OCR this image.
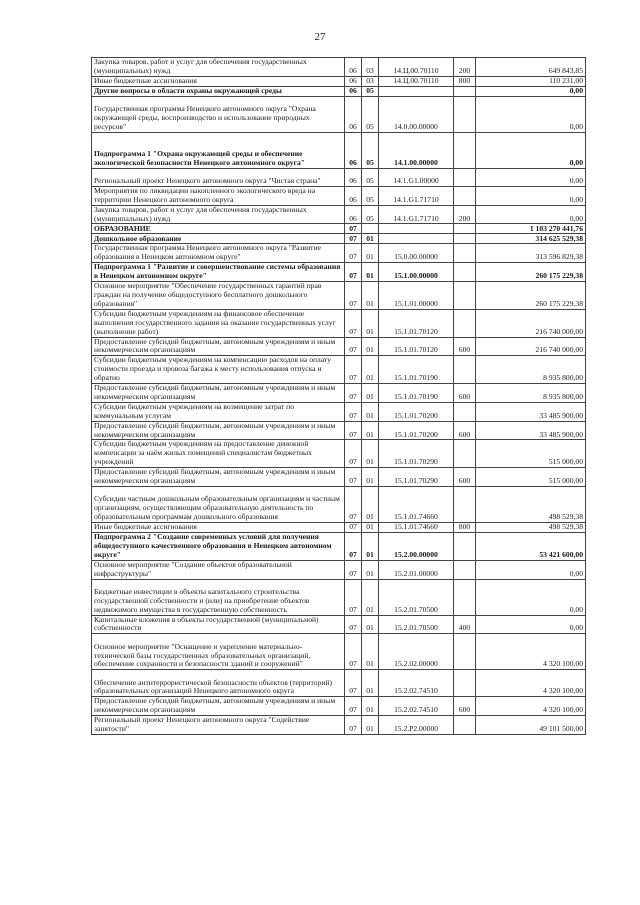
27
Закупка товаров, работ и услуг для обеспечения государственных (муниципальных) нужд	06	03	14.Ц.00.70110	200	649 843,85
Иные бюджетные ассигнования	06	03	14.Ц.00.70110	800	110 231,00
Другие вопросы в области охраны окружающей среды	06	05			0,00
Государственная программа Ненецкого автономного округа "Охрана окружающей среды, воспроизводство и использование природных ресурсов"	06	05	14.0.00.00000		0,00
Подпрограмма 1 "Охрана окружающей среды и обеспечение экологической безопасности Ненецкого автономного округа"	06	05	14.1.00.00000		0,00
Региональный проект Ненецкого автономного округа "Чистая страна"	06	05	14.1.G1.00000		0,00
Мероприятия по ликвидации накопленного экологического вреда на территории Ненецкого автономного округа	06	05	14.1.G1.71710		0,00
Закупка товаров, работ и услуг для обеспечения государственных (муниципальных) нужд	06	05	14.1.G1.71710	200	0,00
ОБРАЗОВАНИЕ	07				1 103 270 441,76
Дошкольное образование	07	01			314 625 529,38
Государственная программа Ненецкого автономного округа "Развитие образования в Ненецком автономном округе"	07	01	15.0.00.00000		313 596 829,38
Подпрограмма 1 "Развитие и совершенствование системы образования в Ненецком автономном округе"	07	01	15.1.00.00000		260 175 229,38
Основное мероприятие "Обеспечение государственных гарантий прав граждан на получение общедоступного бесплатного дошкольного образования"	07	01	15.1.01.00000		260 175 229,38
Субсидии бюджетным учреждениям на финансовое обеспечение выполнения государственного задания на оказание государственных услуг (выполнение работ)	07	01	15.1.01.70120		216 740 000,00
Предоставление субсидий бюджетным, автономным учреждениям и иным некоммерческим организациям	07	01	15.1.01.70120	600	216 740 000,00
Субсидии бюджетным учреждениям на компенсацию расходов на оплату стоимости проезда и провоза багажа к месту использования отпуска и обратно	07	01	15.1.01.70190		8 935 800,00
Предоставление субсидий бюджетным, автономным учреждениям и иным некоммерческим организациям	07	01	15.1.01.70190	600	8 935 800,00
Субсидии бюджетным учреждениям на возмещение затрат по коммунальным услугам	07	01	15.1.01.70200		33 485 900,00
Предоставление субсидий бюджетным, автономным учреждениям и иным некоммерческим организациям	07	01	15.1.01.70200	600	33 485 900,00
Субсидии бюджетным учреждениям на предоставление денежной компенсации за наём жилых помещений специалистам бюджетных учреждений	07	01	15.1.01.70290		515 000,00
Предоставление субсидий бюджетным, автономным учреждениям и иным некоммерческим организациям	07	01	15.1.01.70290	600	515 000,00
Субсидии частным дошкольным образовательным организациям и частным организациям, осуществляющим образовательную деятельность по образовательным программам дошкольного образования	07	01	15.1.01.74660		498 529,38
Иные бюджетные ассигнования	07	01	15.1.01.74660	800	498 529,38
Подпрограмма 2 "Создание современных условий для получения общедоступного качественного образования в Ненецком автономном округе"	07	01	15.2.00.00000		53 421 600,00
Основное мероприятие "Создание объектов образовательной инфраструктуры"	07	01	15.2.01.00000		0,00
Бюджетные инвестиции в объекты капитального строительства государственной собственности и (или) на приобретение объектов недвижимого имущества в государственную собственность	07	01	15.2.01.70500		0,00
Капитальные вложения в объекты государственной (муниципальной) собственности	07	01	15.2.01.70500	400	0,00
Основное мероприятие "Оснащение и укрепление материально-технической базы государственных образовательных организаций, обеспечение сохранности и безопасности зданий и сооружений"	07	01	15.2.02.00000		4 320 100,00
Обеспечение антитеррористической безопасности объектов (территорий) образовательных организаций Ненецкого автономного округа	07	01	15.2.02.74510		4 320 100,00
Предоставление субсидий бюджетным, автономным учреждениям и иным некоммерческим организациям	07	01	15.2.02.74510	600	4 320 100,00
Региональный проект Ненецкого автономного округа "Содействие занятости"	07	01	15.2.P2.00000		49 101 500,00
